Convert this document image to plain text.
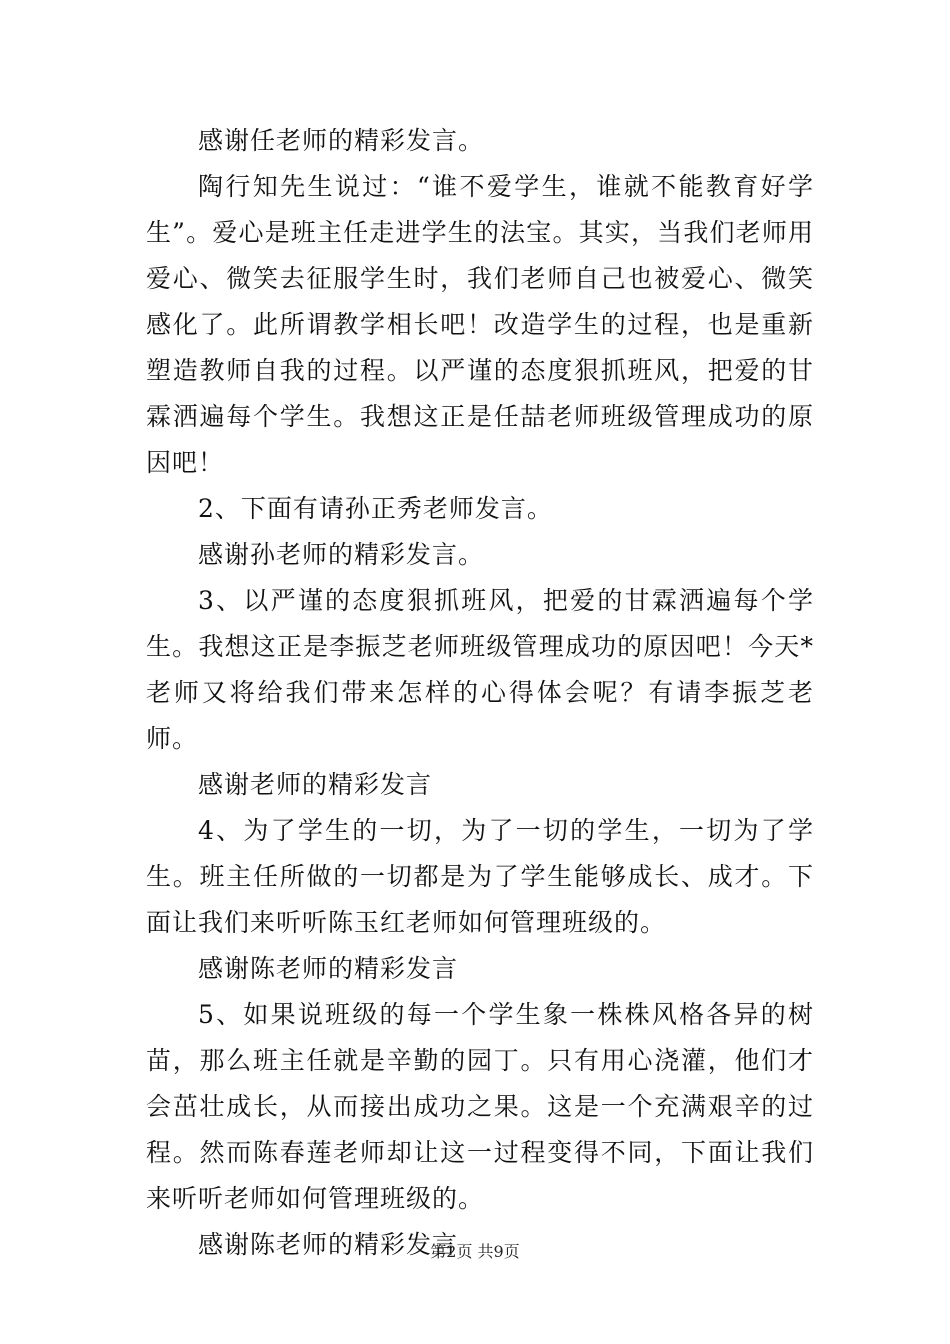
感谢任老师的精彩发言。

陶行知先生说过：“谁不爱学生，谁就不能教育好学生”。爱心是班主任走进学生的法宝。其实，当我们老师用爱心、微笑去征服学生时，我们老师自己也被爱心、微笑感化了。此所谓教学相长吧！改造学生的过程，也是重新塑造教师自我的过程。以严谨的态度狠抓班风，把爱的甘霖洒遍每个学生。我想这正是任喆老师班级管理成功的原因吧！

2、下面有请孙正秀老师发言。

感谢孙老师的精彩发言。

3、以严谨的态度狠抓班风，把爱的甘霖洒遍每个学生。我想这正是李振芝老师班级管理成功的原因吧！今天*老师又将给我们带来怎样的心得体会呢？有请李振芝老师。

感谢老师的精彩发言

4、为了学生的一切，为了一切的学生，一切为了学生。班主任所做的一切都是为了学生能够成长、成才。下面让我们来听听陈玉红老师如何管理班级的。

感谢陈老师的精彩发言

5、如果说班级的每一个学生象一株株风格各异的树苗，那么班主任就是辛勤的园丁。只有用心浇灌，他们才会茁壮成长，从而接出成功之果。这是一个充满艰辛的过程。然而陈春莲老师却让这一过程变得不同，下面让我们来听听老师如何管理班级的。

感谢陈老师的精彩发言

第2页 共9页
